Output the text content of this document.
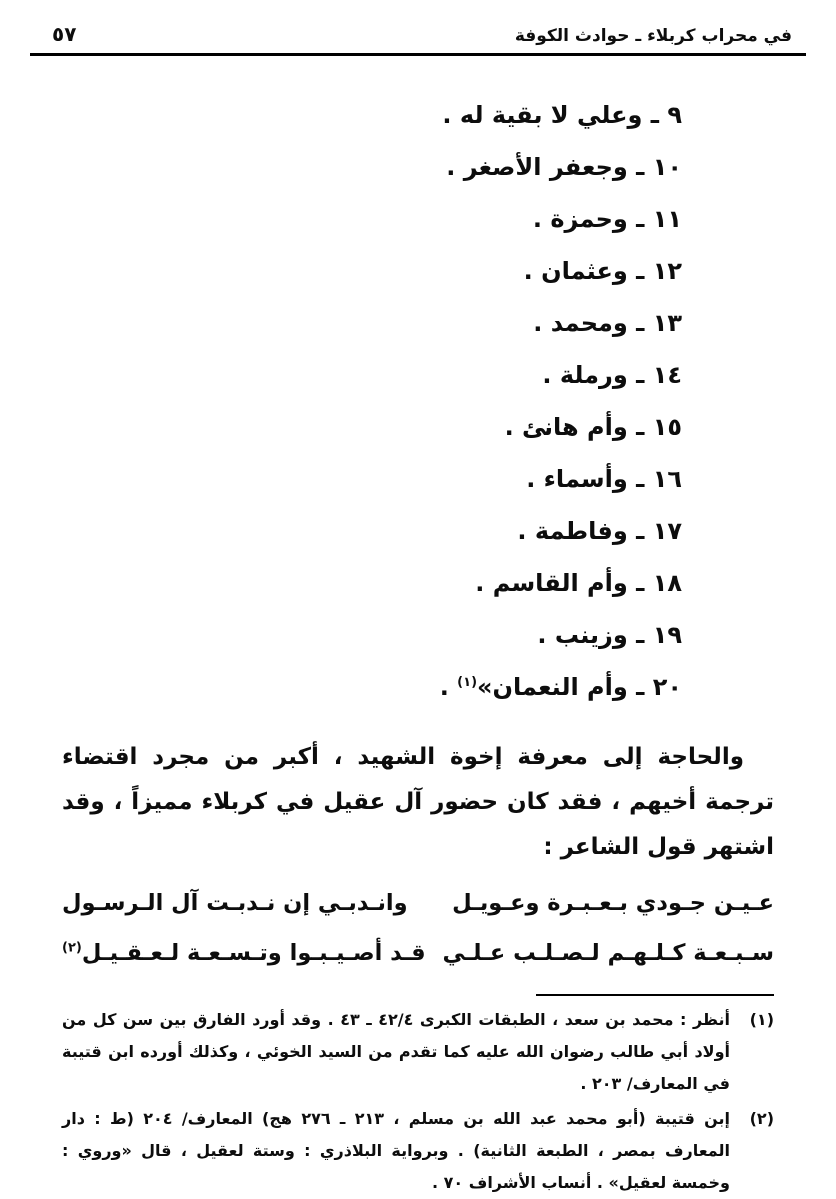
في محراب كربلاء ـ حوادث الكوفة
٥٧
٩ ـ وعلي لا بقية له .
١٠ ـ وجعفر الأصغر .
١١ ـ وحمزة .
١٢ ـ وعثمان .
١٣ ـ ومحمد .
١٤ ـ ورملة .
١٥ ـ وأم هانئ .
١٦ ـ وأسماء .
١٧ ـ وفاطمة .
١٨ ـ وأم القاسم .
١٩ ـ وزينب .
٢٠ ـ وأم النعمان»$^{(١)}$ .

والحاجة إلى معرفة إخوة الشهيد ، أكبر من مجرد اقتضاء ترجمة أخيهم ، فقد كان حضور آل عقيل في كربلاء مميزاً ، وقد اشتهر قول الشاعر :

عـيـن جـودي بـعـبـرة وعـويـل
وانـدبـي إن نـدبـت آل الـرسـول
سـبـعـة كـلـهـم لـصـلـب عـلـي
قـد أصـيـبـوا وتـسـعـة لـعـقـيـل$^{(٢)}$
(١)
أنظر : محمد بن سعد ، الطبقات الكبرى ٤٢/٤ ـ ٤٣ . وقد أورد الفارق بين سن كل من أولاد أبي طالب رضوان الله عليه كما تقدم من السيد الخوئي ، وكذلك أورده ابن قتيبة في المعارف/ ٢٠٣ .
(٢)
إبن قتيبة (أبو محمد عبد الله بن مسلم ، ٢١٣ ـ ٢٧٦ هج) المعارف/ ٢٠٤ (ط : دار المعارف بمصر ، الطبعة الثانية) . وبرواية البلاذري : وستة لعقيل ، قال «وروي : وخمسة لعقيل» . أنساب الأشراف ٧٠ .
